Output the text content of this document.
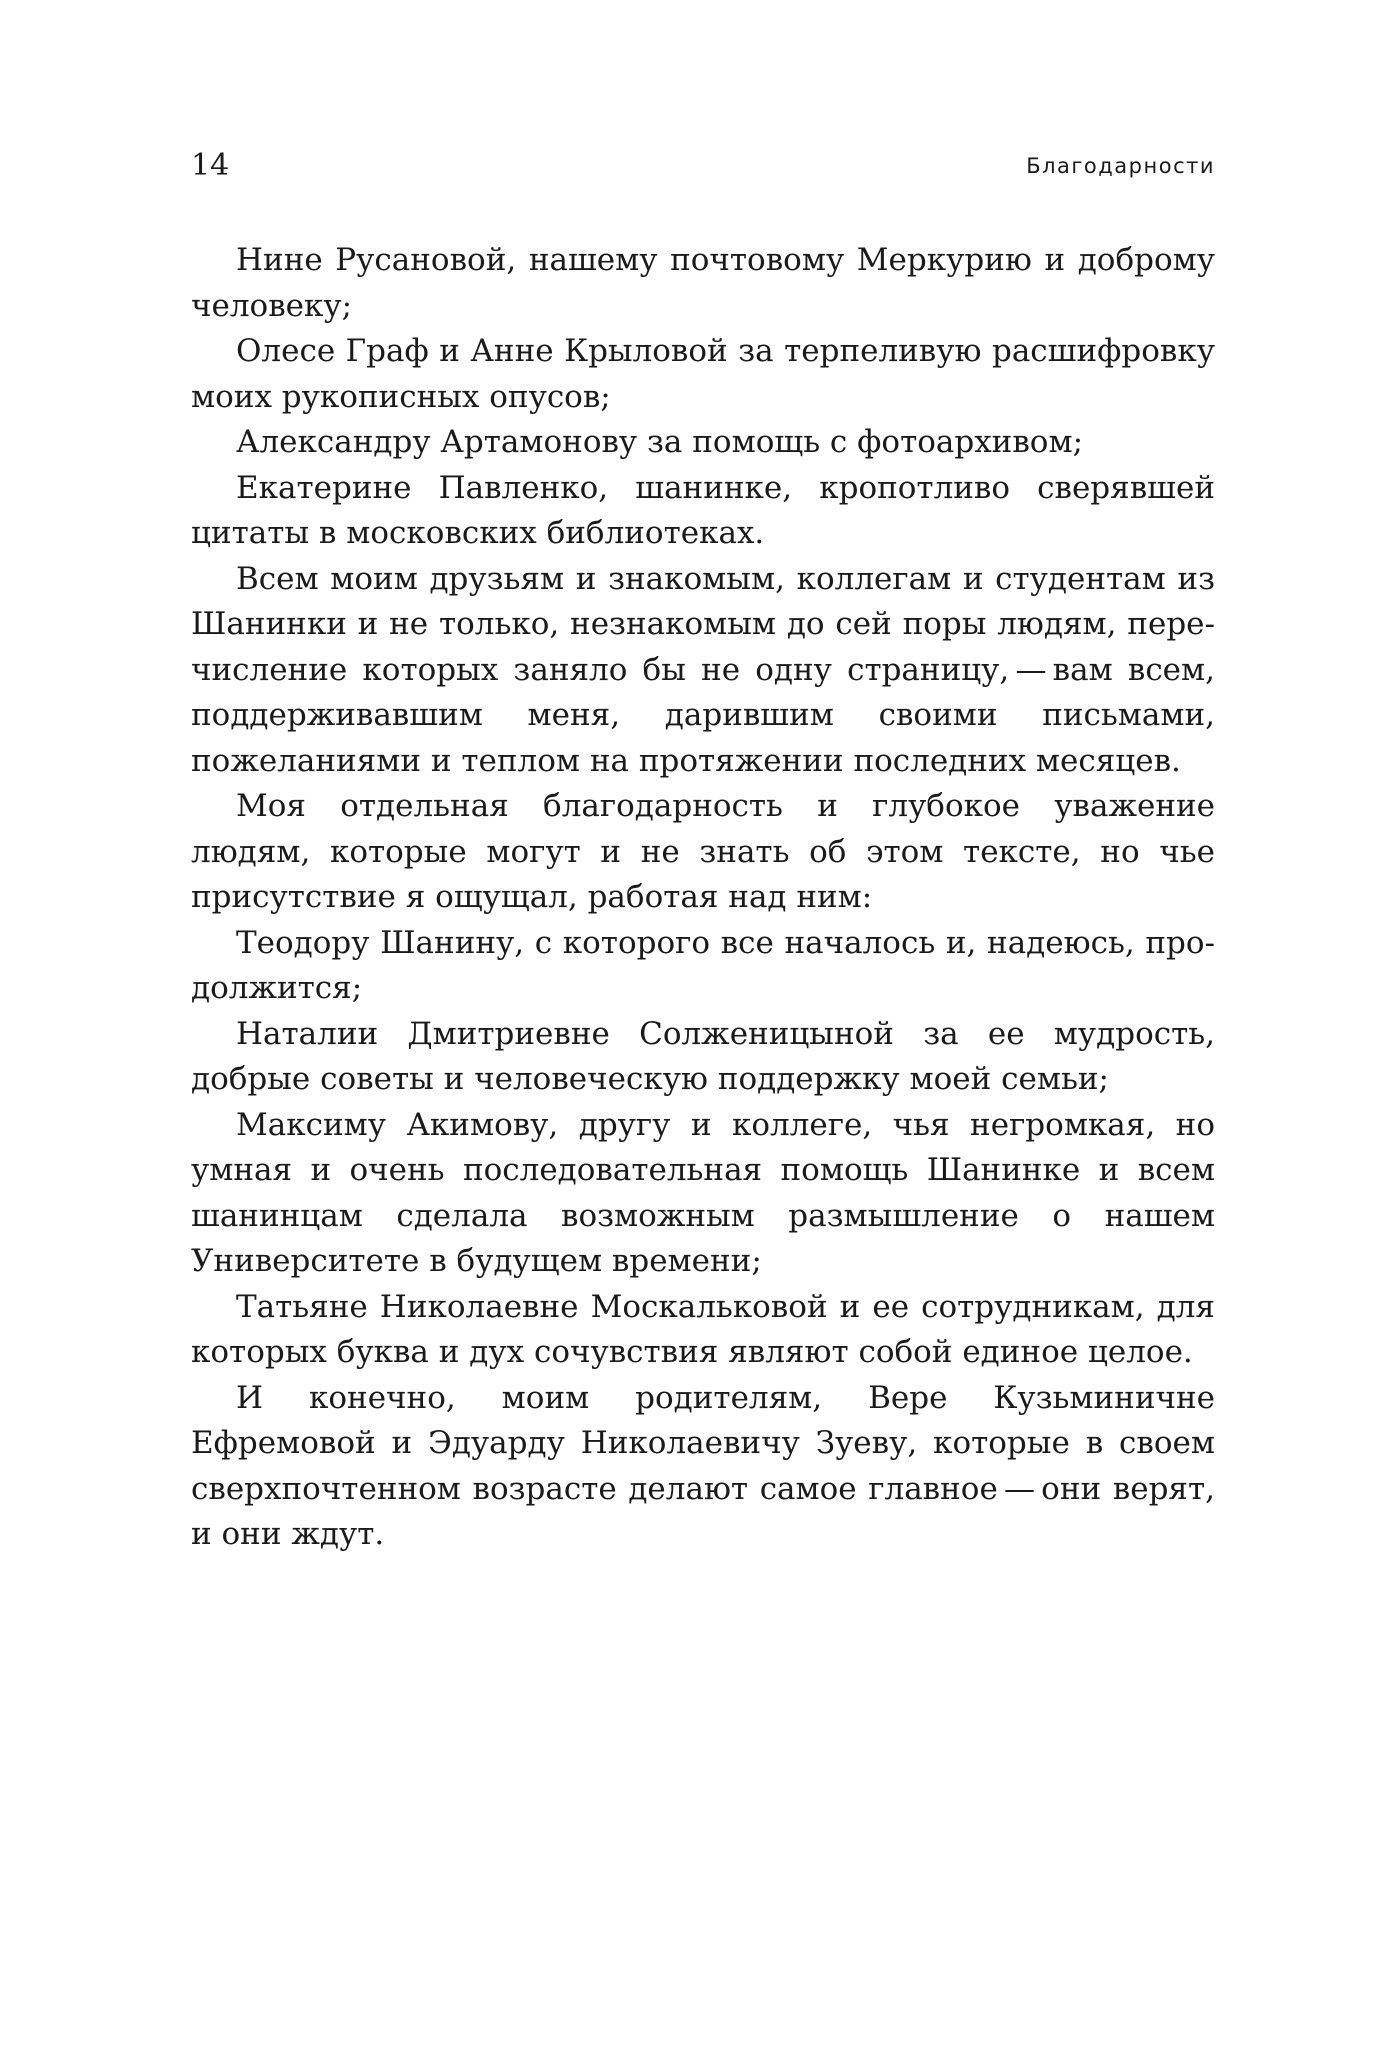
14	Благодарности

Нине Русановой, нашему почтовому Меркурию и доброму человеку;

Олесе Граф и Анне Крыловой за терпеливую расшифровку моих рукописных опусов;

Александру Артамонову за помощь с фотоархивом;

Екатерине Павленко, шанинке, кропотливо сверявшей цитаты в московских библиотеках.

Всем моим друзьям и знакомым, коллегам и студентам из Шанинки и не только, незнакомым до сей поры людям, перечисление которых заняло бы не одну страницу, — вам всем, поддерживавшим меня, дарившим своими письмами, пожеланиями и теплом на протяжении последних месяцев.

Моя отдельная благодарность и глубокое уважение людям, которые могут и не знать об этом тексте, но чье присутствие я ощущал, работая над ним:

Теодору Шанину, с которого все началось и, надеюсь, продолжится;

Наталии Дмитриевне Солженицыной за ее мудрость, добрые советы и человеческую поддержку моей семьи;

Максиму Акимову, другу и коллеге, чья негромкая, но умная и очень последовательная помощь Шанинке и всем шанинцам сделала возможным размышление о нашем Университете в будущем времени;

Татьяне Николаевне Москальковой и ее сотрудникам, для которых буква и дух сочувствия являют собой единое целое.

И конечно, моим родителям, Вере Кузьминичне Ефремовой и Эдуарду Николаевичу Зуеву, которые в своем сверхпочтенном возрасте делают самое главное — они верят, и они ждут.
